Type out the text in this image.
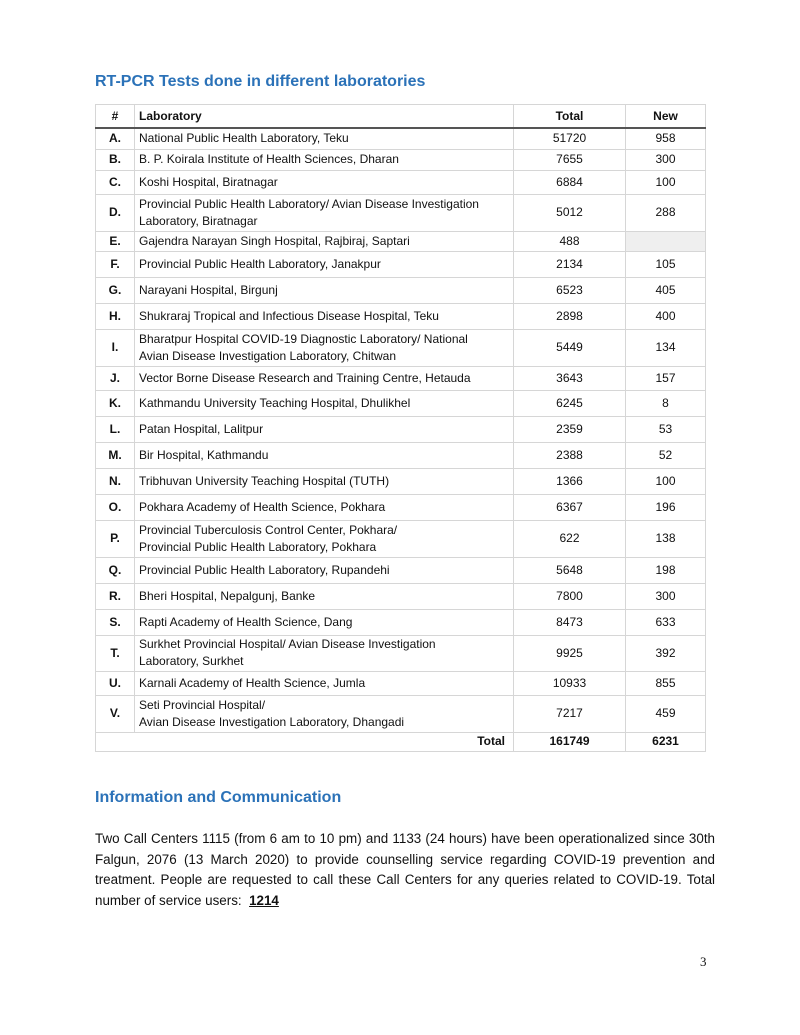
RT-PCR Tests done in different laboratories
#	Laboratory	Total	New
A.	National Public Health Laboratory, Teku	51720	958
B.	B. P. Koirala Institute of Health Sciences, Dharan	7655	300
C.	Koshi Hospital, Biratnagar	6884	100
D.	Provincial Public Health Laboratory/ Avian Disease Investigation
Laboratory, Biratnagar	5012	288
E.	Gajendra Narayan Singh Hospital, Rajbiraj, Saptari	488	
F.	Provincial Public Health Laboratory, Janakpur	2134	105
G.	Narayani Hospital, Birgunj	6523	405
H.	Shukraraj Tropical and Infectious Disease Hospital, Teku	2898	400
I.	Bharatpur Hospital COVID-19 Diagnostic Laboratory/ National
Avian Disease Investigation Laboratory, Chitwan	5449	134
J.	Vector Borne Disease Research and Training Centre, Hetauda	3643	157
K.	Kathmandu University Teaching Hospital, Dhulikhel	6245	8
L.	Patan Hospital, Lalitpur	2359	53
M.	Bir Hospital, Kathmandu	2388	52
N.	Tribhuvan University Teaching Hospital (TUTH)	1366	100
O.	Pokhara Academy of Health Science, Pokhara	6367	196
P.	Provincial Tuberculosis Control Center, Pokhara/
Provincial Public Health Laboratory, Pokhara	622	138
Q.	Provincial Public Health Laboratory, Rupandehi	5648	198
R.	Bheri Hospital, Nepalgunj, Banke	7800	300
S.	Rapti Academy of Health Science, Dang	8473	633
T.	Surkhet Provincial Hospital/ Avian Disease Investigation
Laboratory, Surkhet	9925	392
U.	Karnali Academy of Health Science, Jumla	10933	855
V.	Seti Provincial Hospital/
Avian Disease Investigation Laboratory, Dhangadi	7217	459
Total		161749	6231
Information and Communication

Two Call Centers 1115 (from 6 am to 10 pm) and 1133 (24 hours) have been operationalized since 30th Falgun, 2076 (13 March 2020) to provide counselling service regarding COVID-19 prevention and treatment. People are requested to call these Call Centers for any queries related to COVID-19. Total number of service users: 1214

3
